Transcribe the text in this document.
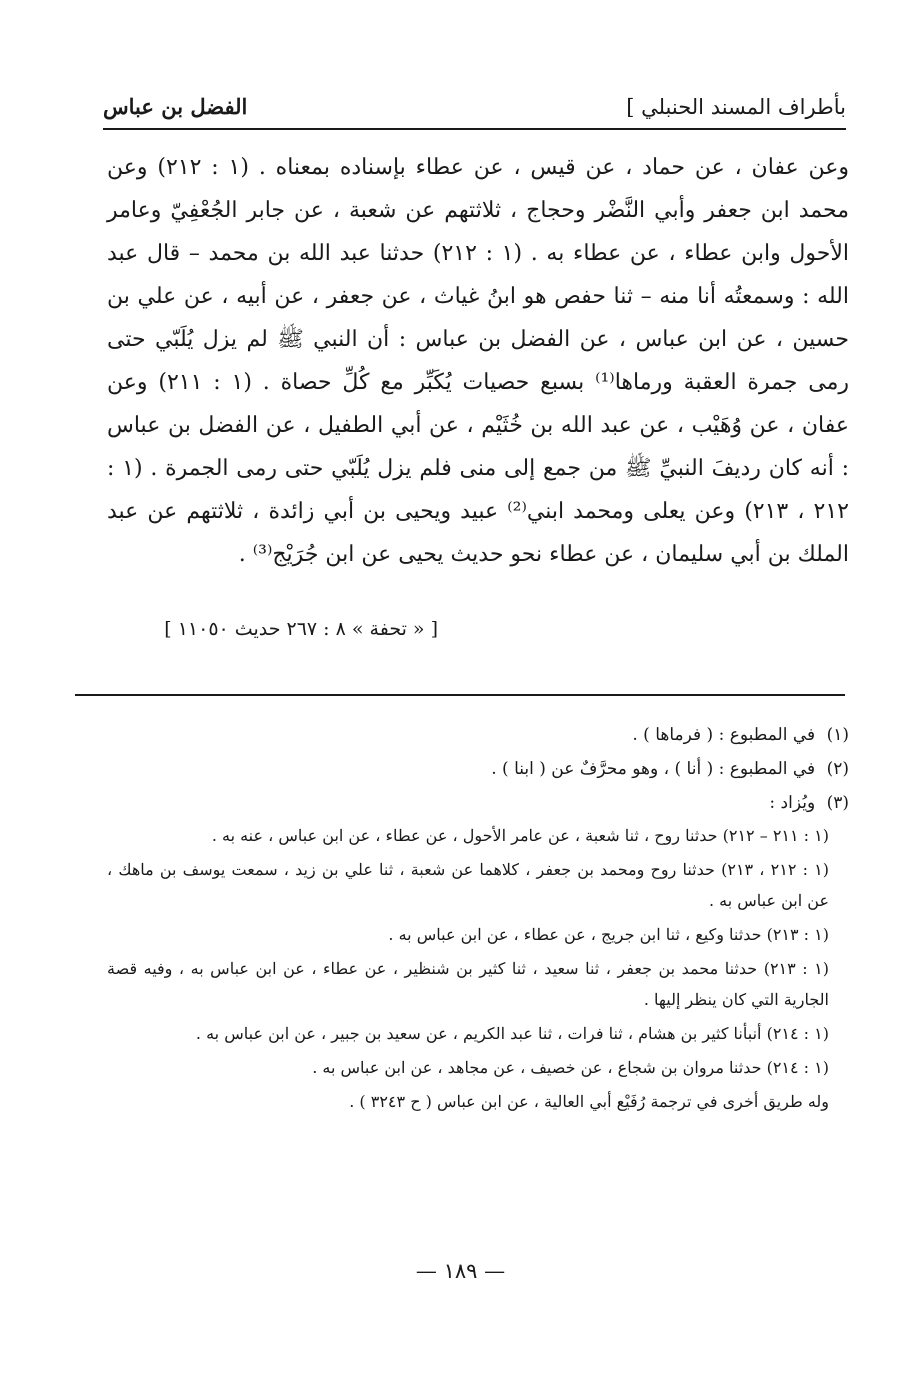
بأطراف المسند الحنبلي ]
الفضل بن عباس

وعن عفان ، عن حماد ، عن قيس ، عن عطاء بإسناده بمعناه . (١ : ٢١٢) وعن محمد ابن جعفر وأبي النَّضْر وحجاج ، ثلاثتهم عن شعبة ، عن جابر الجُعْفِيّ وعامر الأحول وابن عطاء ، عن عطاء به . (١ : ٢١٢) حدثنا عبد الله بن محمد – قال عبد الله : وسمعتُه أنا منه – ثنا حفص هو ابنُ غياث ، عن جعفر ، عن أبيه ، عن علي بن حسين ، عن ابن عباس ، عن الفضل بن عباس : أن النبي ﷺ لم يزل يُلَبّي حتى رمى جمرة العقبة ورماها⁽¹⁾ بسبع حصيات يُكَبِّر مع كُلِّ حصاة . (١ : ٢١١) وعن عفان ، عن وُهَيْب ، عن عبد الله بن خُثَيْم ، عن أبي الطفيل ، عن الفضل بن عباس : أنه كان رديفَ النبيِّ ﷺ من جمع إلى منى فلم يزل يُلَبّي حتى رمى الجمرة . (١ : ٢١٢ ، ٢١٣) وعن يعلى ومحمد ابني⁽²⁾ عبيد ويحيى بن أبي زائدة ، ثلاثتهم عن عبد الملك بن أبي سليمان ، عن عطاء نحو حديث يحيى عن ابن جُرَيْج⁽³⁾ .

[ « تحفة » ٨ : ٢٦٧ حديث ١١٠٥٠ ]

(١) في المطبوع : ( فرماها ) .

(٢) في المطبوع : ( أنا ) ، وهو محرَّفٌ عن ( ابنا ) .

(٣) ويُزاد :

(١ : ٢١١ – ٢١٢) حدثنا روح ، ثنا شعبة ، عن عامر الأحول ، عن عطاء ، عن ابن عباس ، عنه به .

(١ : ٢١٢ ، ٢١٣) حدثنا روح ومحمد بن جعفر ، كلاهما عن شعبة ، ثنا علي بن زيد ، سمعت يوسف بن ماهك ، عن ابن عباس به .

(١ : ٢١٣) حدثنا وكيع ، ثنا ابن جريج ، عن عطاء ، عن ابن عباس به .

(١ : ٢١٣) حدثنا محمد بن جعفر ، ثنا سعيد ، ثنا كثير بن شنظير ، عن عطاء ، عن ابن عباس به ، وفيه قصة الجارية التي كان ينظر إليها .

(١ : ٢١٤) أنبأنا كثير بن هشام ، ثنا فرات ، ثنا عبد الكريم ، عن سعيد بن جبير ، عن ابن عباس به .

(١ : ٢١٤) حدثنا مروان بن شجاع ، عن خصيف ، عن مجاهد ، عن ابن عباس به .

وله طريق أخرى في ترجمة رُفَيْع أبي العالية ، عن ابن عباس ( ح ٣٢٤٣ ) .

— ١٨٩ —
